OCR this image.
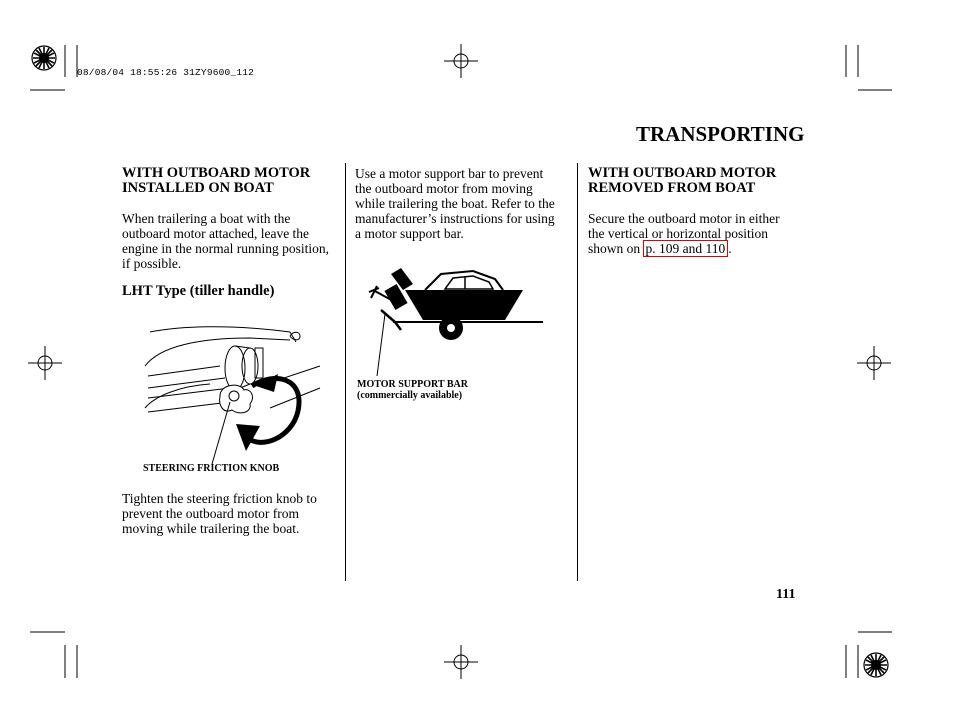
08/08/04 18:55:26 31ZY9600_112
TRANSPORTING
WITH OUTBOARD MOTOR
INSTALLED ON BOAT
When trailering a boat with the
outboard motor attached, leave the
engine in the normal running position,
if possible.
LHT Type (tiller handle)
STEERING FRICTION KNOB
Tighten the steering friction knob to
prevent the outboard motor from
moving while trailering the boat.
Use a motor support bar to prevent
the outboard motor from moving
while trailering the boat. Refer to the
manufacturer’s instructions for using
a motor support bar.
MOTOR SUPPORT BAR
(commercially available)
WITH OUTBOARD MOTOR
REMOVED FROM BOAT
Secure the outboard motor in either
the vertical or horizontal position
shown on p. 109 and 110 .
111
